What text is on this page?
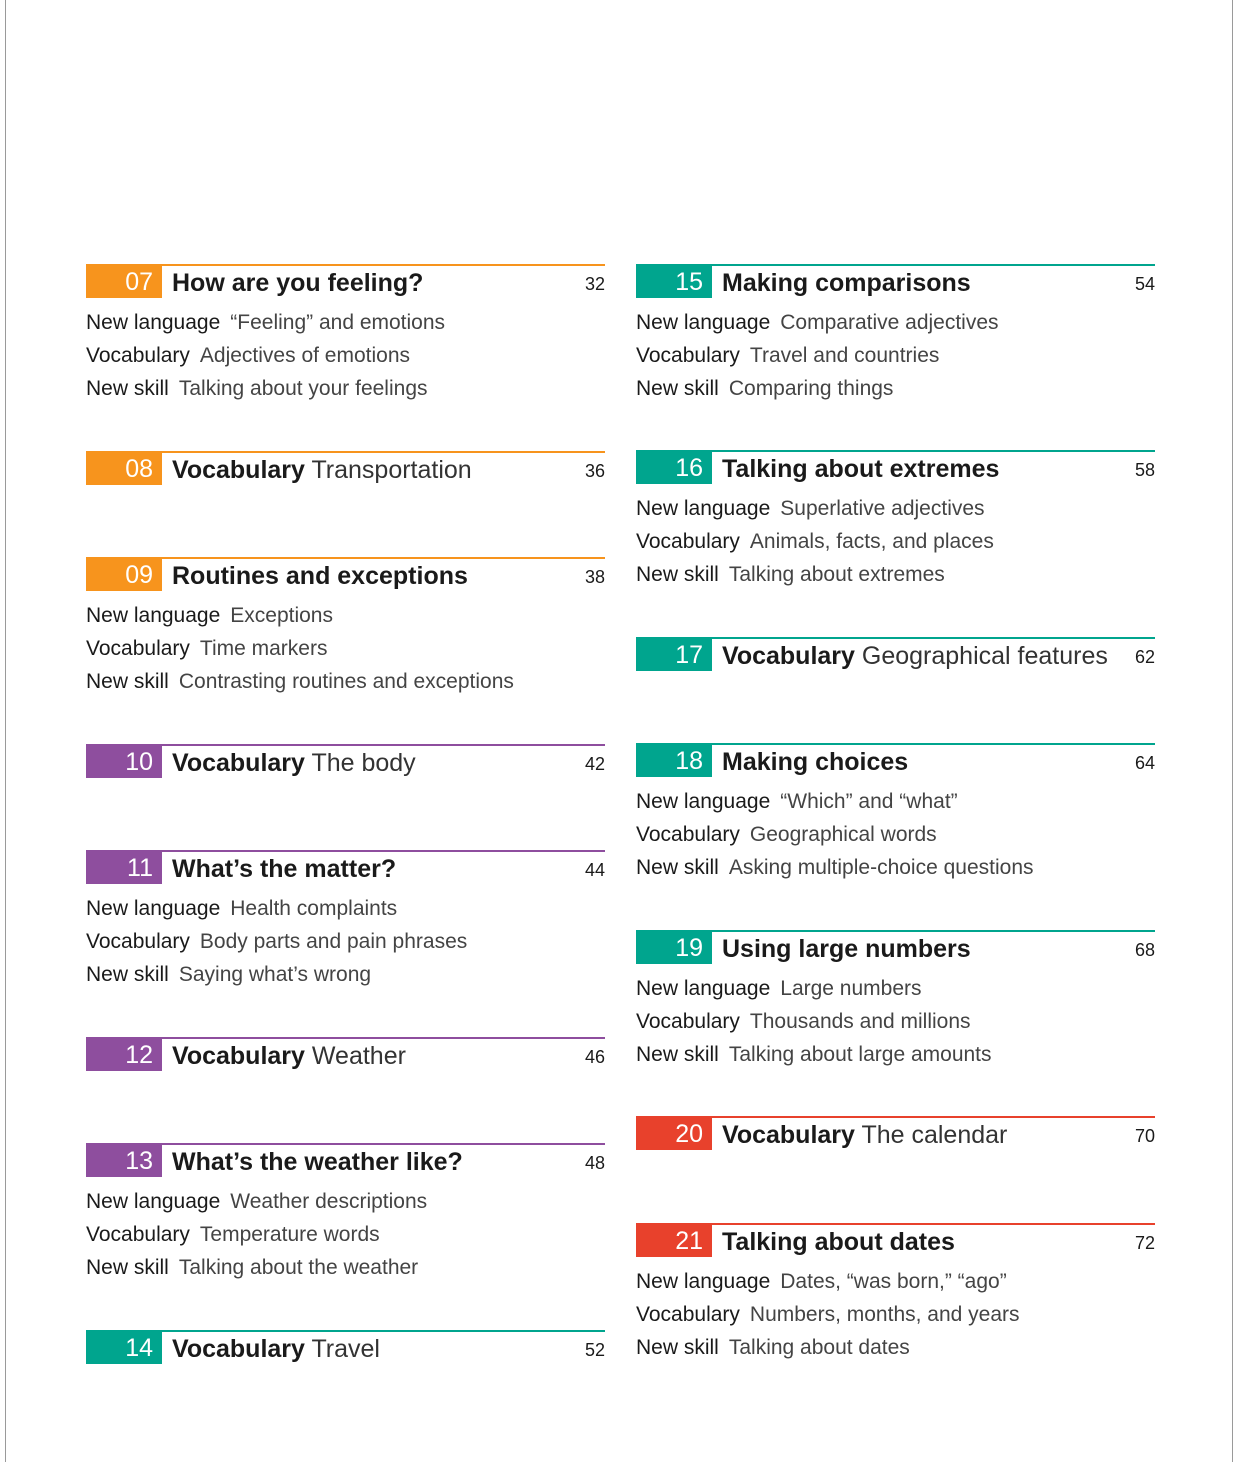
07 How are you feeling?	32
New language “Feeling” and emotions
Vocabulary Adjectives of emotions
New skill Talking about your feelings
08 Vocabulary Transportation	36
09 Routines and exceptions	38
New language Exceptions
Vocabulary Time markers
New skill Contrasting routines and exceptions
10 Vocabulary The body	42
11 What’s the matter?	44
New language Health complaints
Vocabulary Body parts and pain phrases
New skill Saying what’s wrong
12 Vocabulary Weather	46
13 What’s the weather like?	48
New language Weather descriptions
Vocabulary Temperature words
New skill Talking about the weather
14 Vocabulary Travel	52
15 Making comparisons	54
New language Comparative adjectives
Vocabulary Travel and countries
New skill Comparing things
16 Talking about extremes	58
New language Superlative adjectives
Vocabulary Animals, facts, and places
New skill Talking about extremes
17 Vocabulary Geographical features 62
18 Making choices	64
New language “Which” and “what”
Vocabulary Geographical words
New skill Asking multiple-choice questions
19 Using large numbers	68
New language Large numbers
Vocabulary Thousands and millions
New skill Talking about large amounts
20 Vocabulary The calendar	70
21 Talking about dates	72
New language Dates, “was born,” “ago”
Vocabulary Numbers, months, and years
New skill Talking about dates
